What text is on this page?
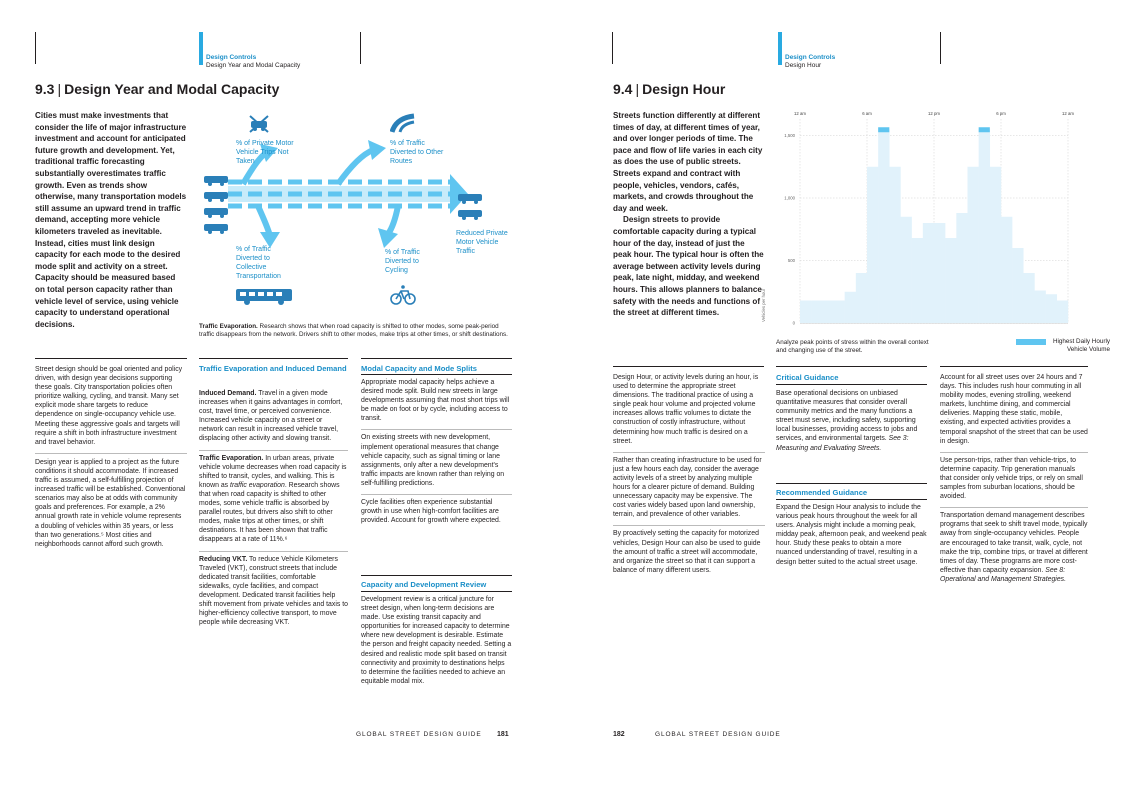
Design Controls
Design Year and Modal Capacity
9.3 | Design Year and Modal Capacity
Cities must make investments that consider the life of major infrastructure investment and account for anticipated future growth and development. Yet, traditional traffic forecasting substantially overestimates traffic growth. Even as trends show otherwise, many transportation models still assume an upward trend in traffic demand, accepting more vehicle kilometers traveled as inevitable. Instead, cities must link design capacity for each mode to the desired mode split and activity on a street. Capacity should be measured based on total person capacity rather than vehicle level of service, using vehicle capacity to understand operational decisions.
% of Private Motor Vehicle Trips Not Taken
% of Traffic Diverted to Other Routes
% of Traffic Diverted to Collective Transportation
% of Traffic Diverted to Cycling
Reduced Private Motor Vehicle Traffic
Traffic Evaporation. Research shows that when road capacity is shifted to other modes, some peak-period traffic disappears from the network. Drivers shift to other modes, make trips at other times, or shift destinations.

Street design should be goal oriented and policy driven, with design year decisions supporting these goals. City transportation policies often prioritize walking, cycling, and transit. Many set explicit mode share targets to reduce dependence on single-occupancy vehicle use. Meeting these aggressive goals and targets will require a shift in both infrastructure investment and travel behavior.

Design year is applied to a project as the future conditions it should accommodate. If increased traffic is assumed, a self-fulfilling projection of increased traffic will be established. Conventional scenarios may also be at odds with community goals and preferences. For example, a 2% annual growth rate in vehicle volume represents a doubling of vehicles within 35 years, or less than two generations.⁵ Most cities and neighborhoods cannot afford such growth.

Traffic Evaporation and Induced Demand

Induced Demand. Travel in a given mode increases when it gains advantages in comfort, cost, travel time, or perceived convenience. Increased vehicle capacity on a street or network can result in increased vehicle travel, displacing other activity and slowing transit.

Traffic Evaporation. In urban areas, private vehicle volume decreases when road capacity is shifted to transit, cycles, and walking. This is known as traffic evaporation. Research shows that when road capacity is shifted to other modes, some vehicle traffic is absorbed by parallel routes, but drivers also shift to other modes, make trips at other times, or shift destinations. It has been shown that traffic disappears at a rate of 11%.⁶

Reducing VKT. To reduce Vehicle Kilometers Traveled (VKT), construct streets that include dedicated transit facilities, comfortable sidewalks, cycle facilities, and compact development. Dedicated transit facilities help shift movement from private vehicles and taxis to higher-efficiency collective transport, to move people while decreasing VKT.

Modal Capacity and Mode Splits

Appropriate modal capacity helps achieve a desired mode split. Build new streets in large developments assuming that most short trips will be made on foot or by cycle, including access to transit.

On existing streets with new development, implement operational measures that change vehicle capacity, such as signal timing or lane assignments, only after a new development's traffic impacts are known rather than relying on self-fulfilling predictions.

Cycle facilities often experience substantial growth in use when high-comfort facilities are provided. Account for growth where expected.

Capacity and Development Review

Development review is a critical juncture for street design, when long-term decisions are made. Use existing transit capacity and opportunities for increased capacity to determine where new development is desirable. Estimate the person and freight capacity needed. Setting a desired and realistic mode split based on transit connectivity and proximity to destinations helps to determine the facilities needed to achieve an equitable modal mix.

GLOBAL STREET DESIGN GUIDE 181
Design Controls
Design Hour
9.4 | Design Hour
Streets function differently at different times of day, at different times of year, and over longer periods of time. The pace and flow of life varies in each city as does the use of public streets. Streets expand and contract with people, vehicles, vendors, cafés, markets, and crowds throughout the day and week.
Design streets to provide comfortable capacity during a typical hour of the day, instead of just the peak hour. The typical hour is often the average between activity levels during peak, late night, midday, and weekend hours. This allows planners to balance safety with the needs and functions of the street at different times.
12 am	6 am	12 pm	6 pm	12 am
0
500
1,000
1,500
Vehicles per hour
Analyze peak points of stress within the overall context and changing use of the street.
Highest Daily Hourly Vehicle Volume

Design Hour, or activity levels during an hour, is used to determine the appropriate street dimensions. The traditional practice of using a single peak hour volume and projected volume increases allows traffic volumes to dictate the construction of costly infrastructure, without determining how much traffic is desired on a street.

Rather than creating infrastructure to be used for just a few hours each day, consider the average activity levels of a street by analyzing multiple hours for a clearer picture of demand. Building unnecessary capacity may be expensive. The cost varies widely based upon land ownership, terrain, and prevalence of other variables.

By proactively setting the capacity for motorized vehicles, Design Hour can also be used to guide the amount of traffic a street will accommodate, and organize the street so that it can support a balance of many different users.

Critical Guidance

Base operational decisions on unbiased quantitative measures that consider overall community metrics and the many functions a street must serve, including safety, supporting local businesses, providing access to jobs and services, and environmental targets. See 3: Measuring and Evaluating Streets.

Recommended Guidance

Expand the Design Hour analysis to include the various peak hours throughout the week for all users. Analysis might include a morning peak, midday peak, afternoon peak, and weekend peak hour. Study these peaks to obtain a more nuanced understanding of travel, resulting in a design better suited to the actual street usage.

Account for all street uses over 24 hours and 7 days. This includes rush hour commuting in all mobility modes, evening strolling, weekend markets, lunchtime dining, and commercial deliveries. Mapping these static, mobile, existing, and expected activities provides a temporal snapshot of the street that can be used in design.

Use person-trips, rather than vehicle-trips, to determine capacity. Trip generation manuals that consider only vehicle trips, or rely on small samples from suburban locations, should be avoided.

Transportation demand management describes programs that seek to shift travel mode, typically away from single-occupancy vehicles. People are encouraged to take transit, walk, cycle, not make the trip, combine trips, or travel at different times of day. These programs are more cost-effective than capacity expansion. See 8: Operational and Management Strategies.

182	GLOBAL STREET DESIGN GUIDE
